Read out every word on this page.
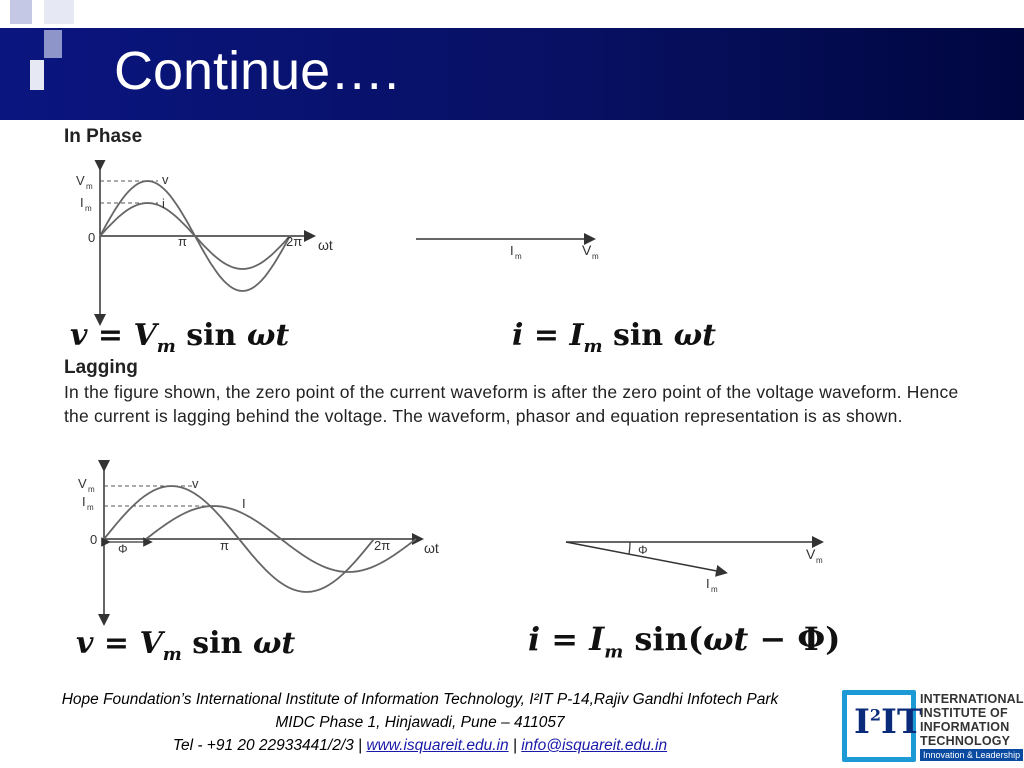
Continue….
In Phase
V m
I m
v
i
0	π	2π ωt	I m	V m
$v = V_m$ sin ωt	$i = I_m$ sin ωt
Lagging
In the figure shown, the zero point of the current waveform is after the zero point of the voltage waveform. Hence the current is lagging behind the voltage. The waveform, phasor and equation representation is as shown.
V m
I m
v
I
0
Φ	π	2π ωt	Φ	V m
I m
$v = V_m$ sin ωt	$i = I_m$ sin(ωt − Φ)
Hope Foundation’s International Institute of Information Technology, I²IT P-14,Rajiv Gandhi Infotech Park
MIDC Phase 1, Hinjawadi, Pune – 411057
Tel - +91 20 22933441/2/3 | www.isquareit.edu.in | info@isquareit.edu.in
$I^2IT$
INTERNATIONAL
INSTITUTE OF
INFORMATION
TECHNOLOGY
Innovation & Leadership
